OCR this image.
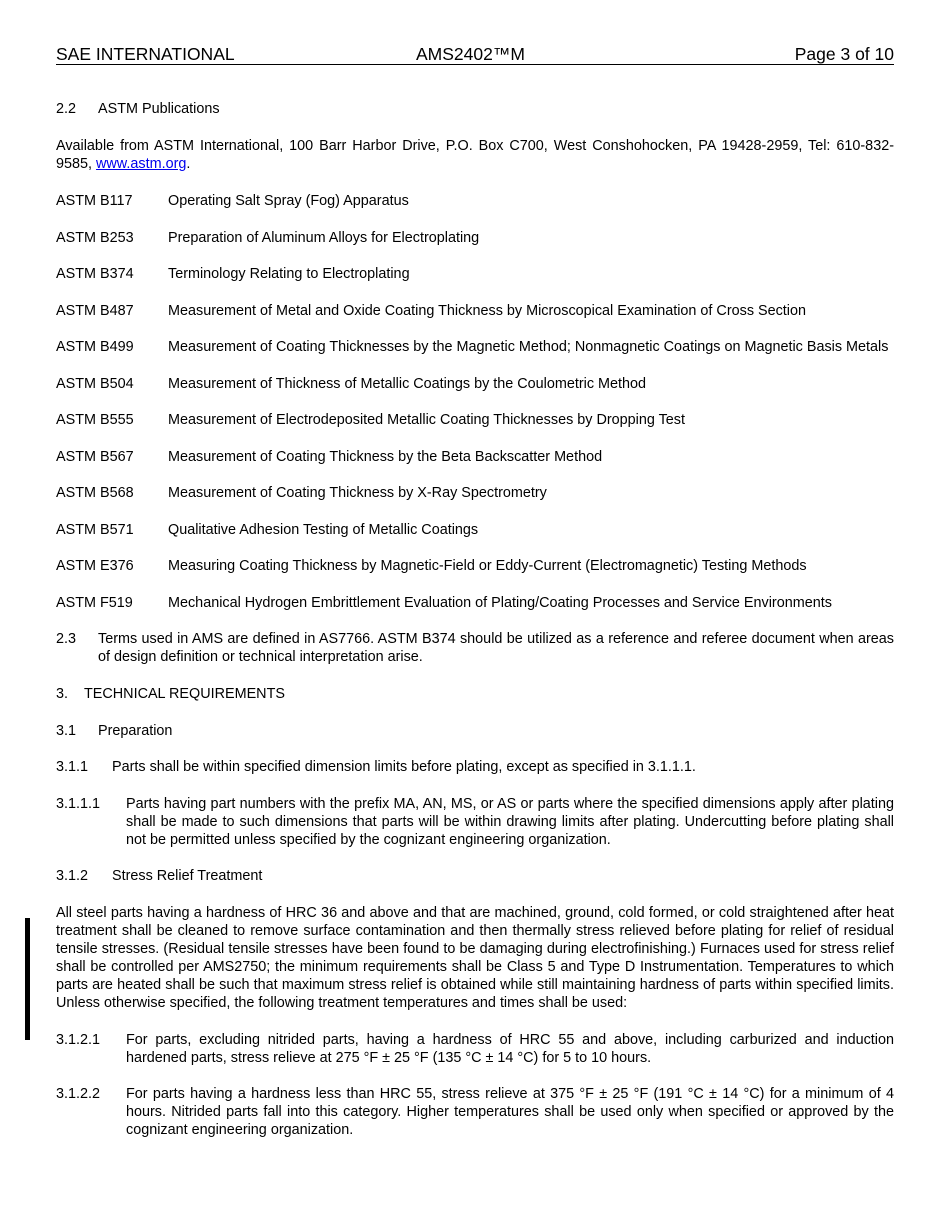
SAE INTERNATIONAL	AMS2402™M	Page 3 of 10
2.2	ASTM Publications

Available from ASTM International, 100 Barr Harbor Drive, P.O. Box C700, West Conshohocken, PA 19428-2959, Tel: 610-832-9585, www.astm.org.

ASTM B117	Operating Salt Spray (Fog) Apparatus
ASTM B253	Preparation of Aluminum Alloys for Electroplating
ASTM B374	Terminology Relating to Electroplating
ASTM B487	Measurement of Metal and Oxide Coating Thickness by Microscopical Examination of Cross Section
ASTM B499	Measurement of Coating Thicknesses by the Magnetic Method; Nonmagnetic Coatings on Magnetic Basis Metals
ASTM B504	Measurement of Thickness of Metallic Coatings by the Coulometric Method
ASTM B555	Measurement of Electrodeposited Metallic Coating Thicknesses by Dropping Test
ASTM B567	Measurement of Coating Thickness by the Beta Backscatter Method
ASTM B568	Measurement of Coating Thickness by X-Ray Spectrometry
ASTM B571	Qualitative Adhesion Testing of Metallic Coatings
ASTM E376	Measuring Coating Thickness by Magnetic-Field or Eddy-Current (Electromagnetic) Testing Methods
ASTM F519	Mechanical Hydrogen Embrittlement Evaluation of Plating/Coating Processes and Service Environments
2.3	Terms used in AMS are defined in AS7766. ASTM B374 should be utilized as a reference and referee document when areas of design definition or technical interpretation arise.
3.	TECHNICAL REQUIREMENTS
3.1	Preparation
3.1.1	Parts shall be within specified dimension limits before plating, except as specified in 3.1.1.1.
3.1.1.1	Parts having part numbers with the prefix MA, AN, MS, or AS or parts where the specified dimensions apply after plating shall be made to such dimensions that parts will be within drawing limits after plating. Undercutting before plating shall not be permitted unless specified by the cognizant engineering organization.
3.1.2	Stress Relief Treatment

All steel parts having a hardness of HRC 36 and above and that are machined, ground, cold formed, or cold straightened after heat treatment shall be cleaned to remove surface contamination and then thermally stress relieved before plating for relief of residual tensile stresses. (Residual tensile stresses have been found to be damaging during electrofinishing.) Furnaces used for stress relief shall be controlled per AMS2750; the minimum requirements shall be Class 5 and Type D Instrumentation. Temperatures to which parts are heated shall be such that maximum stress relief is obtained while still maintaining hardness of parts within specified limits. Unless otherwise specified, the following treatment temperatures and times shall be used:

3.1.2.1	For parts, excluding nitrided parts, having a hardness of HRC 55 and above, including carburized and induction hardened parts, stress relieve at 275 °F ± 25 °F (135 °C ± 14 °C) for 5 to 10 hours.
3.1.2.2	For parts having a hardness less than HRC 55, stress relieve at 375 °F ± 25 °F (191 °C ± 14 °C) for a minimum of 4 hours. Nitrided parts fall into this category. Higher temperatures shall be used only when specified or approved by the cognizant engineering organization.
